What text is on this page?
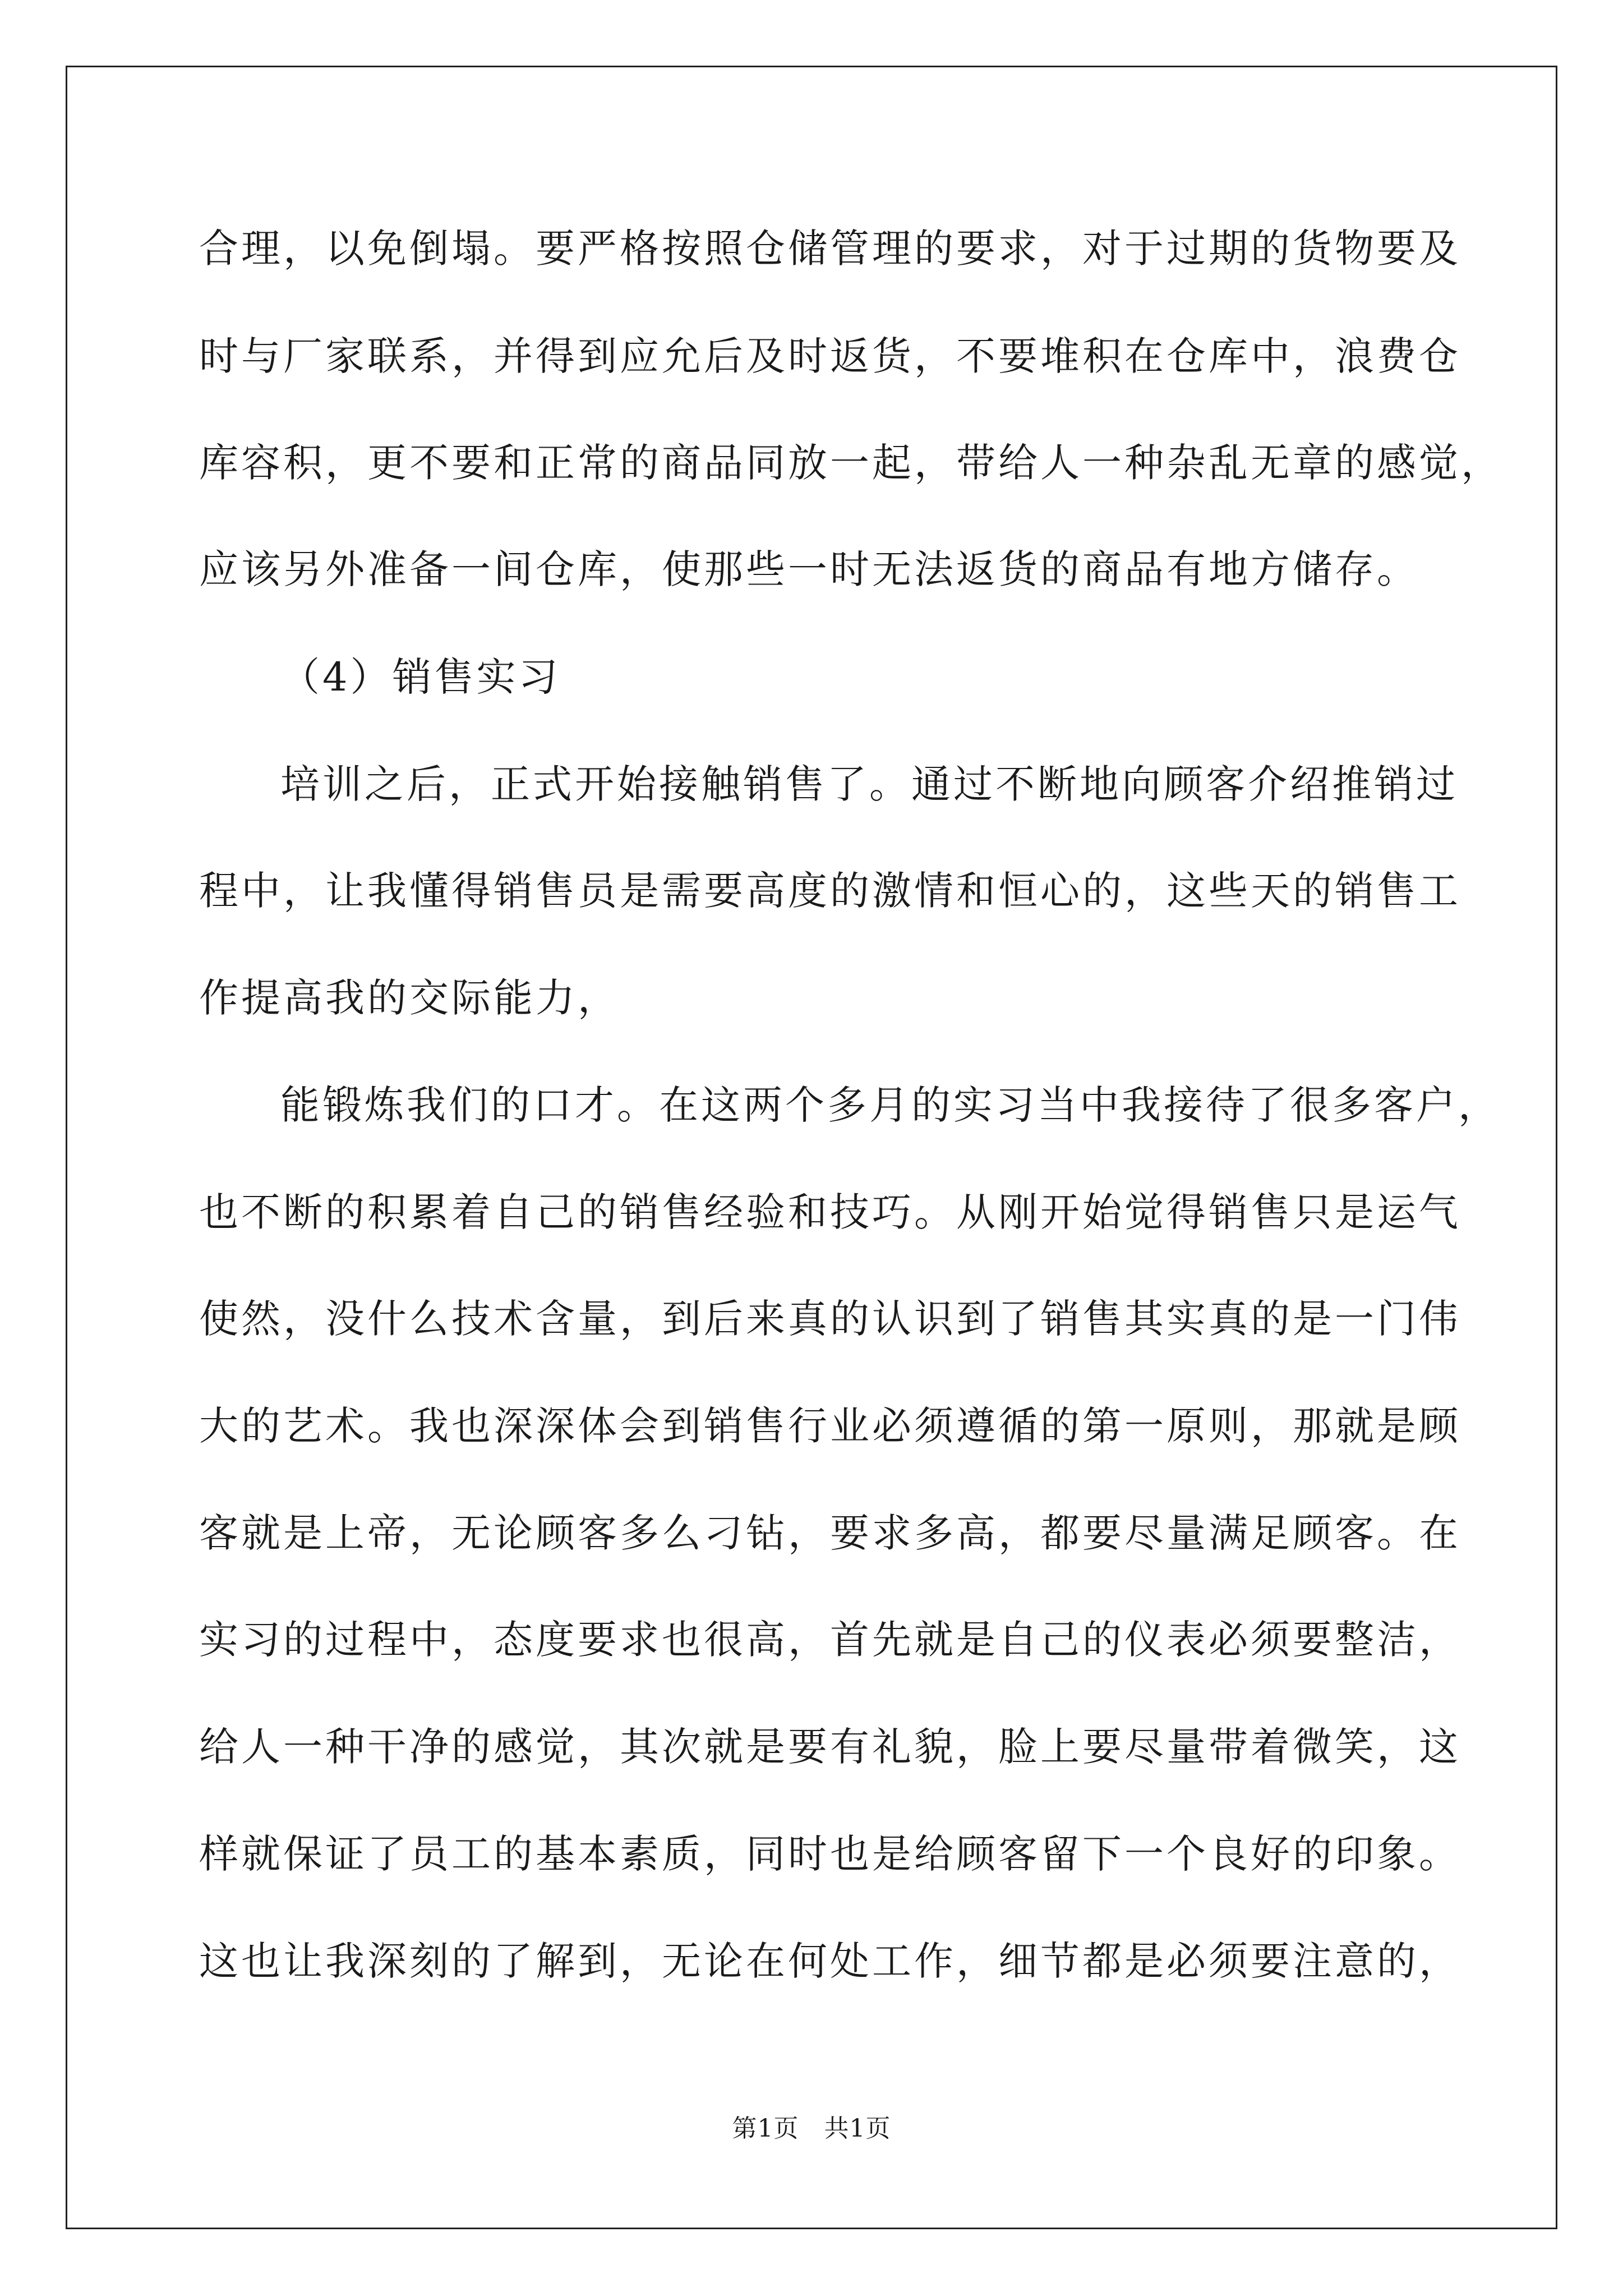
合理，以免倒塌。要严格按照仓储管理的要求，对于过期的货物要及
时与厂家联系，并得到应允后及时返货，不要堆积在仓库中，浪费仓
库容积，更不要和正常的商品同放一起，带给人一种杂乱无章的感觉，
应该另外准备一间仓库，使那些一时无法返货的商品有地方储存。
（4）销售实习
培训之后，正式开始接触销售了。通过不断地向顾客介绍推销过
程中，让我懂得销售员是需要高度的激情和恒心的，这些天的销售工
作提高我的交际能力，
能锻炼我们的口才。在这两个多月的实习当中我接待了很多客户，
也不断的积累着自己的销售经验和技巧。从刚开始觉得销售只是运气
使然，没什么技术含量，到后来真的认识到了销售其实真的是一门伟
大的艺术。我也深深体会到销售行业必须遵循的第一原则，那就是顾
客就是上帝，无论顾客多么刁钻，要求多高，都要尽量满足顾客。在
实习的过程中，态度要求也很高，首先就是自己的仪表必须要整洁，
给人一种干净的感觉，其次就是要有礼貌，脸上要尽量带着微笑，这
样就保证了员工的基本素质，同时也是给顾客留下一个良好的印象。
这也让我深刻的了解到，无论在何处工作，细节都是必须要注意的，
第1页   共1页
